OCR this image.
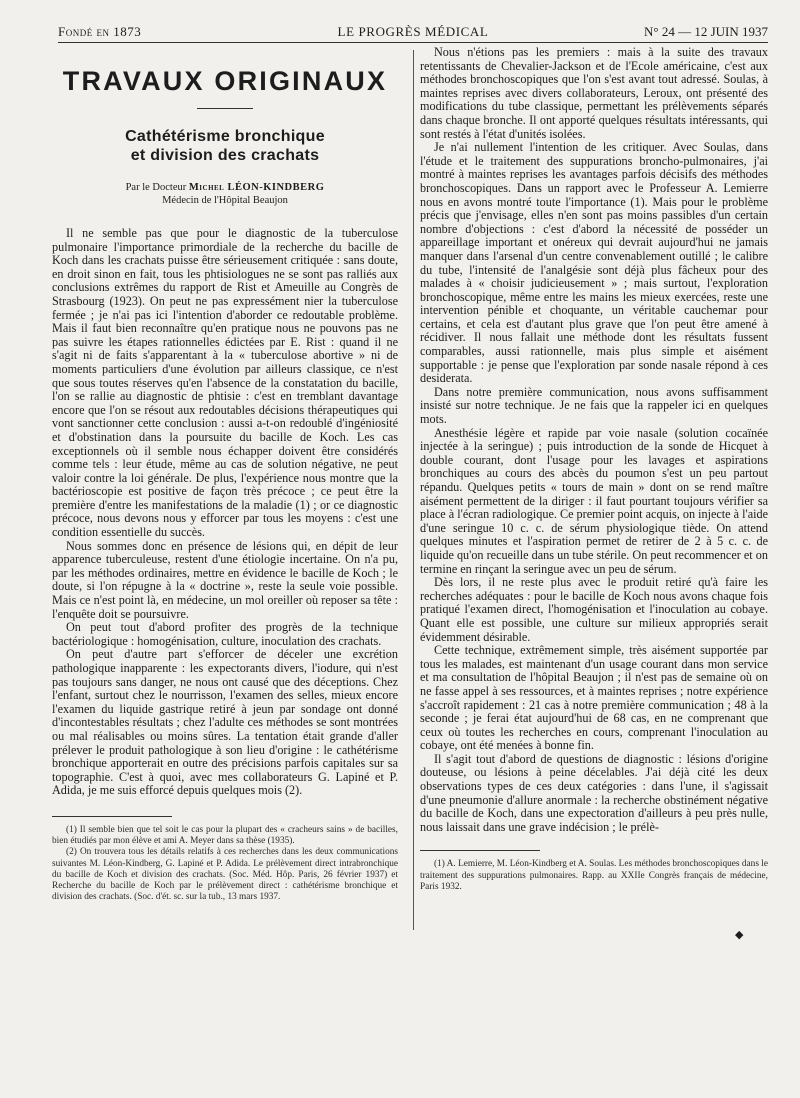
Fondé en 1873	LE PROGRÈS MÉDICAL	N° 24 — 12 JUIN 1937
TRAVAUX ORIGINAUX
Cathétérisme bronchique
et division des crachats
Par le Docteur Michel LÉON-KINDBERG
Médecin de l'Hôpital Beaujon

Il ne semble pas que pour le diagnostic de la tuberculose pulmonaire l'importance primordiale de la recherche du bacille de Koch dans les crachats puisse être sérieusement critiquée : sans doute, en droit sinon en fait, tous les phtisiologues ne se sont pas ralliés aux conclusions extrêmes du rapport de Rist et Ameuille au Congrès de Strasbourg (1923). On peut ne pas expressément nier la tuberculose fermée ; je n'ai pas ici l'intention d'aborder ce redoutable problème. Mais il faut bien reconnaître qu'en pratique nous ne pouvons pas ne pas suivre les étapes rationnelles édictées par E. Rist : quand il ne s'agit ni de faits s'apparentant à la « tuberculose abortive » ni de moments particuliers d'une évolution par ailleurs classique, ce n'est que sous toutes réserves qu'en l'absence de la constatation du bacille, l'on se rallie au diagnostic de phtisie : c'est en tremblant davantage encore que l'on se résout aux redoutables décisions thérapeutiques qui vont sanctionner cette conclusion : aussi a-t-on redoublé d'ingéniosité et d'obstination dans la poursuite du bacille de Koch. Les cas exceptionnels où il semble nous échapper doivent être considérés comme tels : leur étude, même au cas de solution négative, ne peut valoir contre la loi générale. De plus, l'expérience nous montre que la bactérioscopie est positive de façon très précoce ; ce peut être la première d'entre les manifestations de la maladie (1) ; or ce diagnostic précoce, nous devons nous y efforcer par tous les moyens : c'est une condition essentielle du succès.

Nous sommes donc en présence de lésions qui, en dépit de leur apparence tuberculeuse, restent d'une étiologie incertaine. On n'a pu, par les méthodes ordinaires, mettre en évidence le bacille de Koch ; le doute, si l'on répugne à la « doctrine », reste la seule voie possible. Mais ce n'est point là, en médecine, un mol oreiller où reposer sa tête : l'enquête doit se poursuivre.

On peut tout d'abord profiter des progrès de la technique bactériologique : homogénisation, culture, inoculation des crachats.

On peut d'autre part s'efforcer de déceler une excrétion pathologique inapparente : les expectorants divers, l'iodure, qui n'est pas toujours sans danger, ne nous ont causé que des déceptions. Chez l'enfant, surtout chez le nourrisson, l'examen des selles, mieux encore l'examen du liquide gastrique retiré à jeun par sondage ont donné d'incontestables résultats ; chez l'adulte ces méthodes se sont montrées ou mal réalisables ou moins sûres. La tentation était grande d'aller prélever le produit pathologique à son lieu d'origine : le cathétérisme bronchique apporterait en outre des précisions parfois capitales sur sa topographie. C'est à quoi, avec mes collaborateurs G. Lapiné et P. Adida, je me suis efforcé depuis quelques mois (2).

(1) Il semble bien que tel soit le cas pour la plupart des « cracheurs sains » de bacilles, bien étudiés par mon élève et ami A. Meyer dans sa thèse (1935).

(2) On trouvera tous les détails relatifs à ces recherches dans les deux communications suivantes M. Léon-Kindberg, G. Lapiné et P. Adida. Le prélèvement direct intrabronchique du bacille de Koch et division des crachats. (Soc. Méd. Hôp. Paris, 26 février 1937) et Recherche du bacille de Koch par le prélèvement direct : cathétérisme bronchique et division des crachats. (Soc. d'ét. sc. sur la tub., 13 mars 1937.

Nous n'étions pas les premiers : mais à la suite des travaux retentissants de Chevalier-Jackson et de l'Ecole américaine, c'est aux méthodes bronchoscopiques que l'on s'est avant tout adressé. Soulas, à maintes reprises avec divers collaborateurs, Leroux, ont présenté des modifications du tube classique, permettant les prélèvements séparés dans chaque bronche. Il ont apporté quelques résultats intéressants, qui sont restés à l'état d'unités isolées.

Je n'ai nullement l'intention de les critiquer. Avec Soulas, dans l'étude et le traitement des suppurations broncho-pulmonaires, j'ai montré à maintes reprises les avantages parfois décisifs des méthodes bronchoscopiques. Dans un rapport avec le Professeur A. Lemierre nous en avons montré toute l'importance (1). Mais pour le problème précis que j'envisage, elles n'en sont pas moins passibles d'un certain nombre d'objections : c'est d'abord la nécessité de posséder un appareillage important et onéreux qui devrait aujourd'hui ne jamais manquer dans l'arsenal d'un centre convenablement outillé ; le calibre du tube, l'intensité de l'analgésie sont déjà plus fâcheux pour des malades à « choisir judicieusement » ; mais surtout, l'exploration bronchoscopique, même entre les mains les mieux exercées, reste une intervention pénible et choquante, un véritable cauchemar pour certains, et cela est d'autant plus grave que l'on peut être amené à récidiver. Il nous fallait une méthode dont les résultats fussent comparables, aussi rationnelle, mais plus simple et aisément supportable : je pense que l'exploration par sonde nasale répond à ces desiderata.

Dans notre première communication, nous avons suffisamment insisté sur notre technique. Je ne fais que la rappeler ici en quelques mots.

Anesthésie légère et rapide par voie nasale (solution cocaïnée injectée à la seringue) ; puis introduction de la sonde de Hicquet à double courant, dont l'usage pour les lavages et aspirations bronchiques au cours des abcès du poumon s'est un peu partout répandu. Quelques petits « tours de main » dont on se rend maître aisément permettent de la diriger : il faut pourtant toujours vérifier sa place à l'écran radiologique. Ce premier point acquis, on injecte à l'aide d'une seringue 10 c. c. de sérum physiologique tiède. On attend quelques minutes et l'aspiration permet de retirer de 2 à 5 c. c. de liquide qu'on recueille dans un tube stérile. On peut recommencer et on termine en rinçant la seringue avec un peu de sérum.

Dès lors, il ne reste plus avec le produit retiré qu'à faire les recherches adéquates : pour le bacille de Koch nous avons chaque fois pratiqué l'examen direct, l'homogénisation et l'inoculation au cobaye. Quant elle est possible, une culture sur milieux appropriés serait évidemment désirable.

Cette technique, extrêmement simple, très aisément supportée par tous les malades, est maintenant d'un usage courant dans mon service et ma consultation de l'hôpital Beaujon ; il n'est pas de semaine où on ne fasse appel à ses ressources, et à maintes reprises ; notre expérience s'accroît rapidement : 21 cas à notre première communication ; 48 à la seconde ; je ferai état aujourd'hui de 68 cas, en ne comprenant que ceux où toutes les recherches en cours, comprenant l'inoculation au cobaye, ont été menées à bonne fin.

Il s'agit tout d'abord de questions de diagnostic : lésions d'origine douteuse, ou lésions à peine décelables. J'ai déjà cité les deux observations types de ces deux catégories : dans l'une, il s'agissait d'une pneumonie d'allure anormale : la recherche obstinément négative du bacille de Koch, dans une expectoration d'ailleurs à peu près nulle, nous laissait dans une grave indécision ; le prélè-

(1) A. Lemierre, M. Léon-Kindberg et A. Soulas. Les méthodes bronchoscopiques dans le traitement des suppurations pulmonaires. Rapp. au XXIIe Congrès français de médecine, Paris 1932.

◆
